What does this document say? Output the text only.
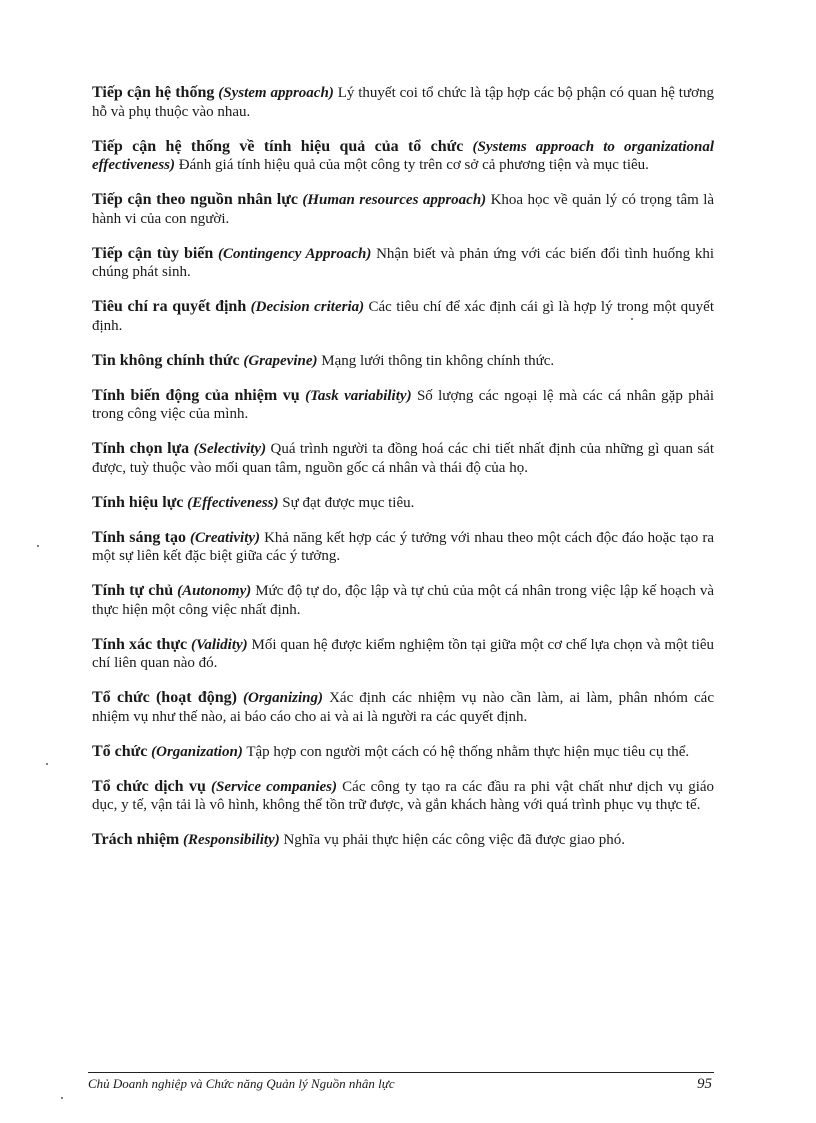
Tiếp cận hệ thống (System approach) Lý thuyết coi tổ chức là tập hợp các bộ phận có quan hệ tương hỗ và phụ thuộc vào nhau.

Tiếp cận hệ thống về tính hiệu quả của tổ chức (Systems approach to organizational effectiveness) Đánh giá tính hiệu quả của một công ty trên cơ sở cả phương tiện và mục tiêu.

Tiếp cận theo nguồn nhân lực (Human resources approach) Khoa học về quản lý có trọng tâm là hành vi của con người.

Tiếp cận tùy biến (Contingency Approach) Nhận biết và phản ứng với các biến đổi tình huống khi chúng phát sinh.

Tiêu chí ra quyết định (Decision criteria) Các tiêu chí để xác định cái gì là hợp lý trong một quyết định.

Tin không chính thức (Grapevine) Mạng lưới thông tin không chính thức.

Tính biến động của nhiệm vụ (Task variability) Số lượng các ngoại lệ mà các cá nhân gặp phải trong công việc của mình.

Tính chọn lựa (Selectivity) Quá trình người ta đồng hoá các chi tiết nhất định của những gì quan sát được, tuỳ thuộc vào mối quan tâm, nguồn gốc cá nhân và thái độ của họ.

Tính hiệu lực (Effectiveness) Sự đạt được mục tiêu.

Tính sáng tạo (Creativity) Khả năng kết hợp các ý tưởng với nhau theo một cách độc đáo hoặc tạo ra một sự liên kết đặc biệt giữa các ý tưởng.

Tính tự chủ (Autonomy) Mức độ tự do, độc lập và tự chủ của một cá nhân trong việc lập kế hoạch và thực hiện một công việc nhất định.

Tính xác thực (Validity) Mối quan hệ được kiểm nghiệm tồn tại giữa một cơ chế lựa chọn và một tiêu chí liên quan nào đó.

Tổ chức (hoạt động) (Organizing) Xác định các nhiệm vụ nào cần làm, ai làm, phân nhóm các nhiệm vụ như thế nào, ai báo cáo cho ai và ai là người ra các quyết định.

Tổ chức (Organization) Tập hợp con người một cách có hệ thống nhằm thực hiện mục tiêu cụ thể.

Tổ chức dịch vụ (Service companies) Các công ty tạo ra các đầu ra phi vật chất như dịch vụ giáo dục, y tế, vận tải là vô hình, không thể tồn trữ được, và gắn khách hàng với quá trình phục vụ thực tế.

Trách nhiệm (Responsibility) Nghĩa vụ phải thực hiện các công việc đã được giao phó.

Chủ Doanh nghiệp và Chức năng Quản lý Nguồn nhân lực	95
